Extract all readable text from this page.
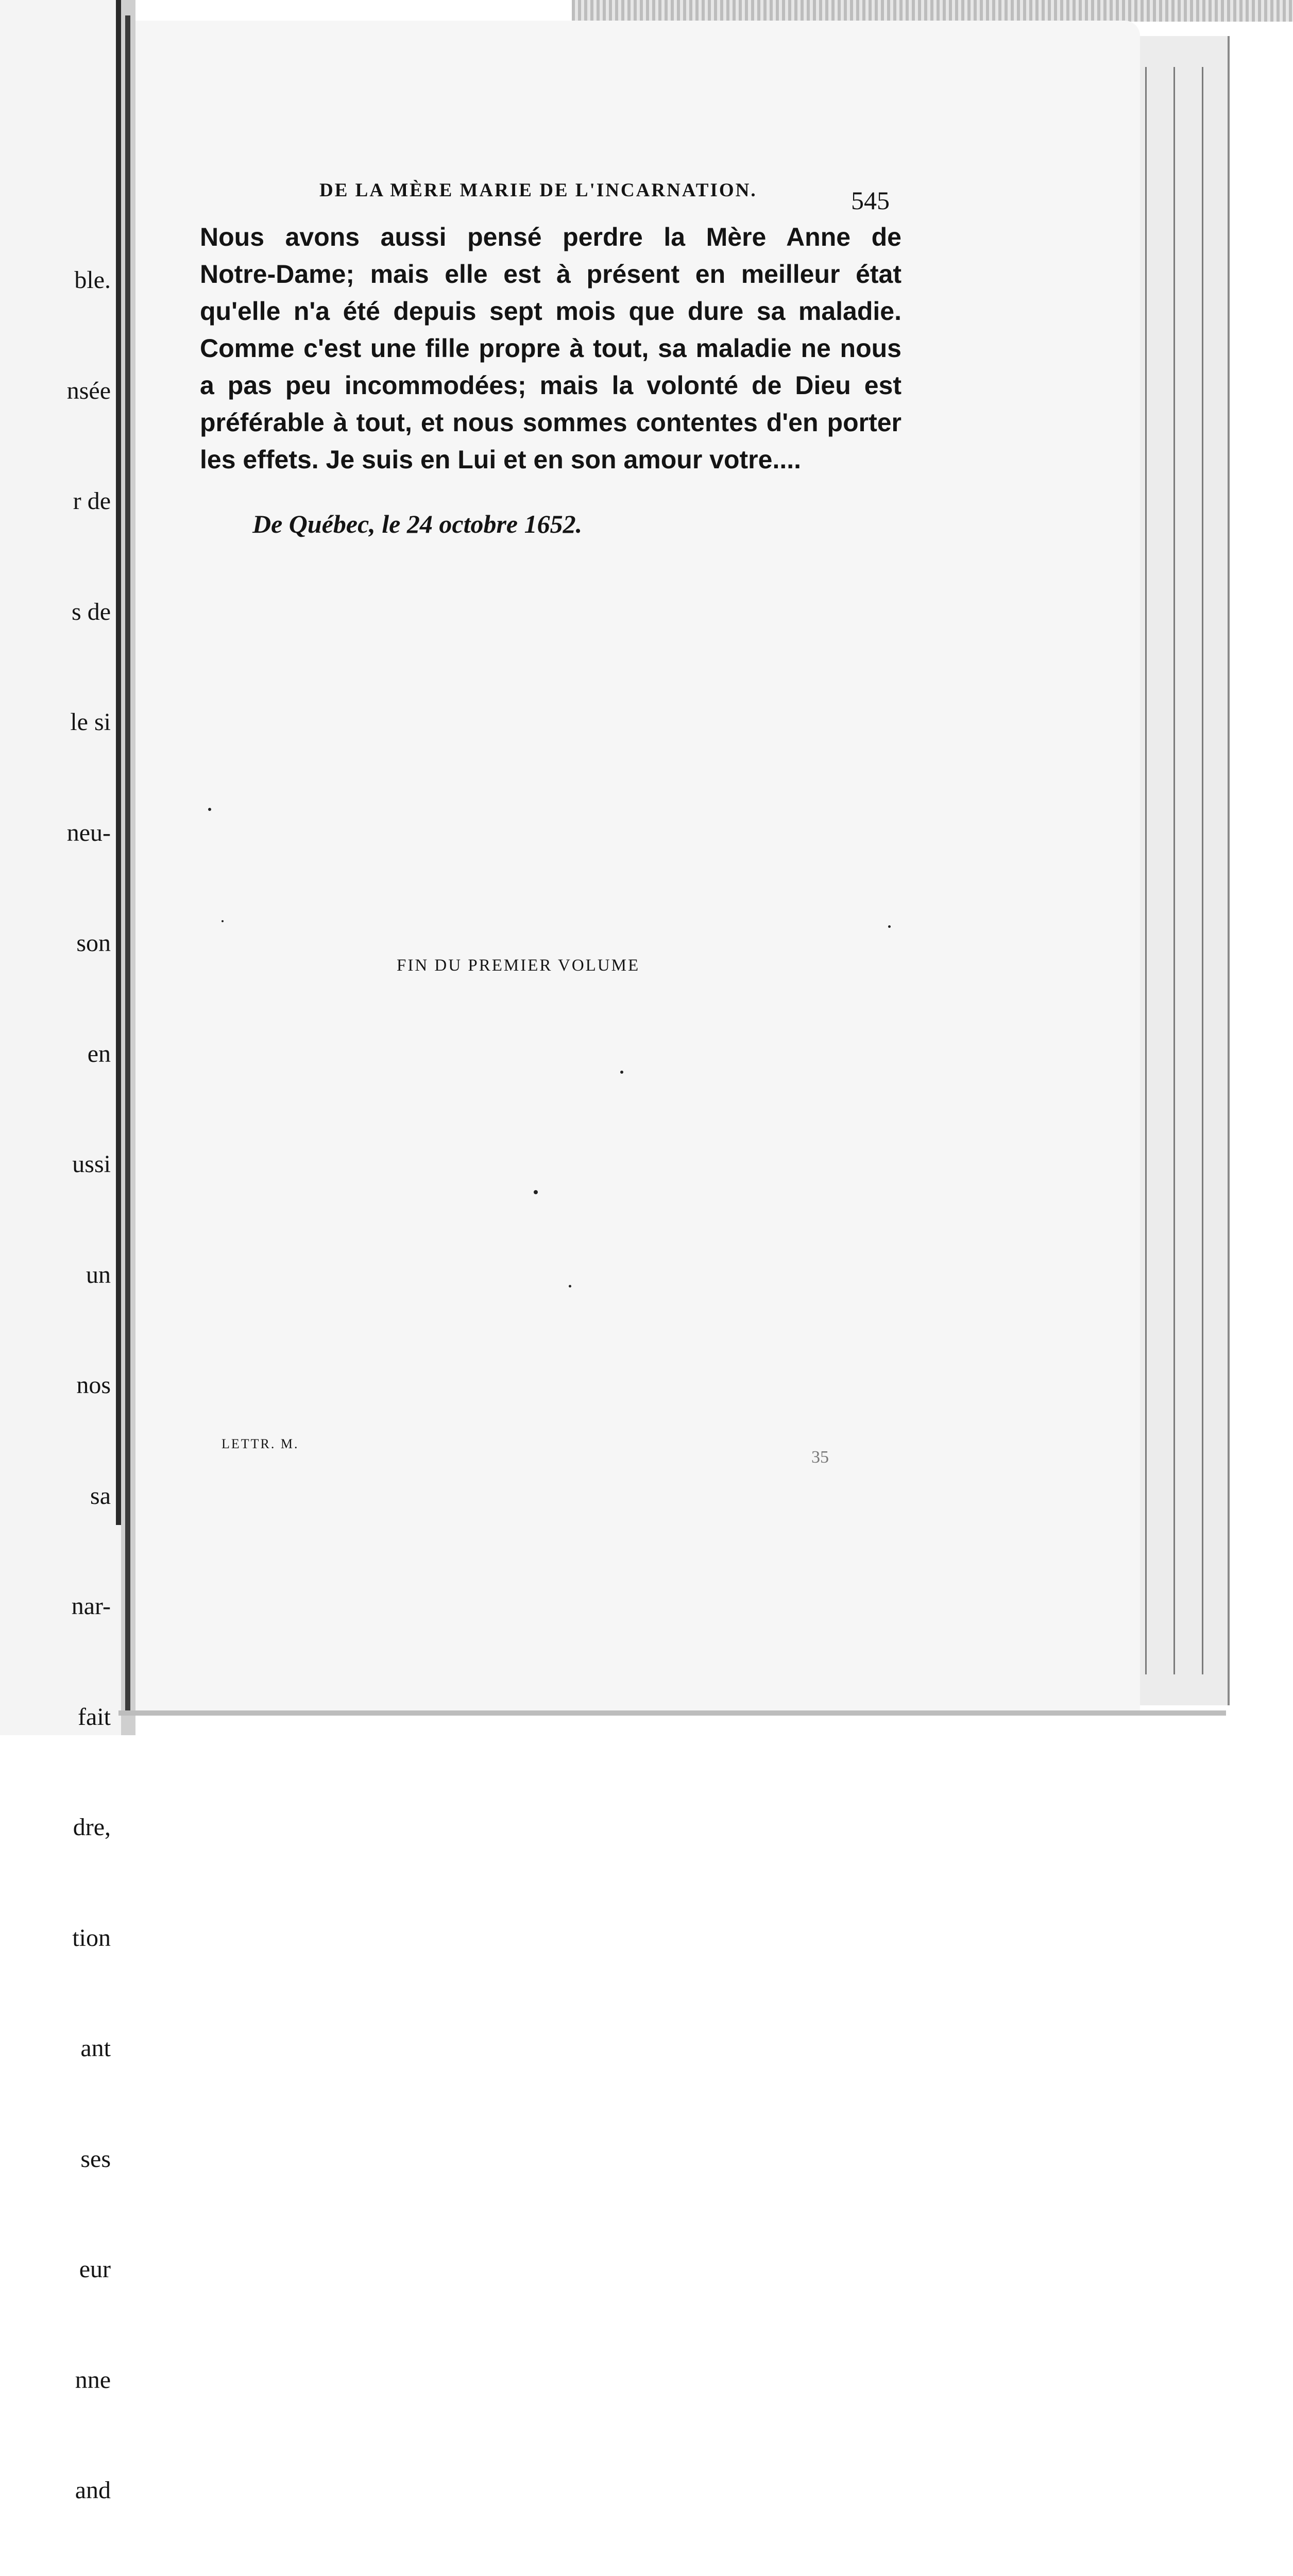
ble.

nsée

r de

s de

le si

neu-

son

en

ussi

un

nos

sa

nar-

fait

dre,

tion

ant

ses

eur

nne

and

DE LA MÈRE MARIE DE L'INCARNATION.	545
Nous avons aussi pensé perdre la Mère Anne de
Notre-Dame; mais elle est à présent en meilleur état
qu'elle n'a été depuis sept mois que dure sa maladie.
Comme c'est une fille propre à tout, sa maladie ne nous
a pas peu incommodées; mais la volonté de Dieu est
préférable à tout, et nous sommes contentes d'en porter
les effets. Je suis en Lui et en son amour votre....
De Québec, le 24 octobre 1652.
FIN DU PREMIER VOLUME
LETTR. M.
35
